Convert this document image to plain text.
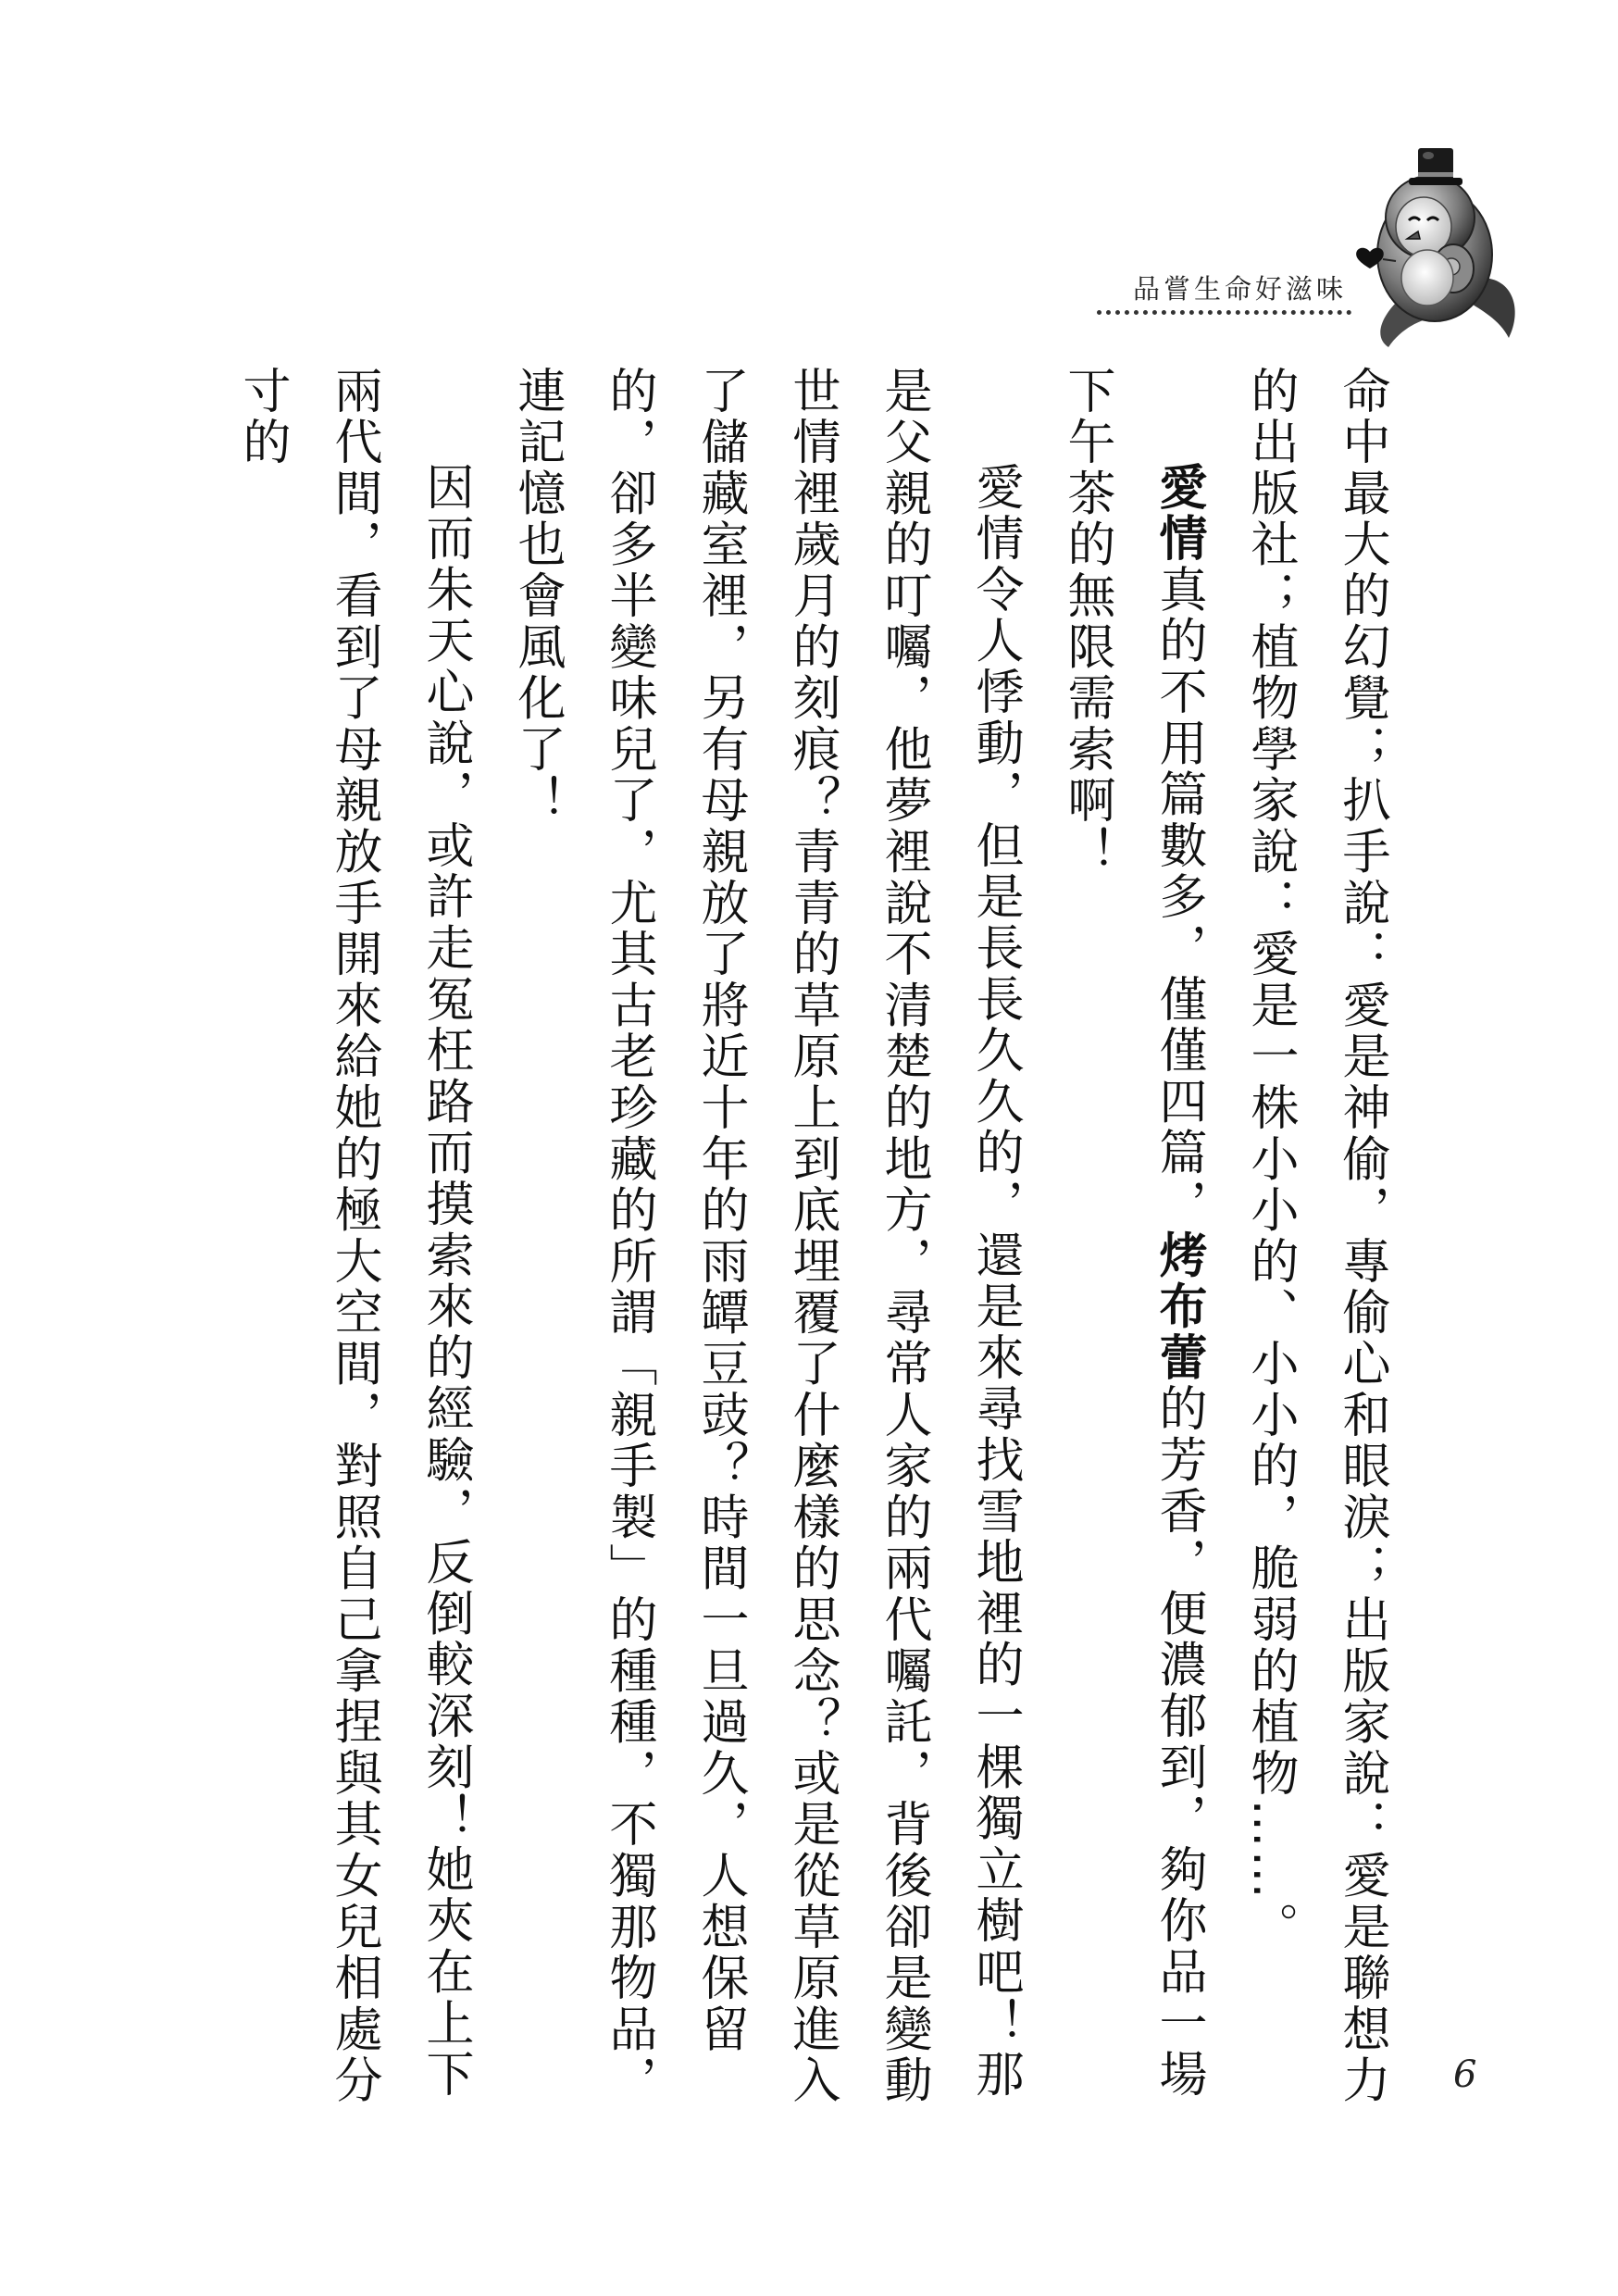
品嘗生命好滋味

命中最大的幻覺；扒手說：愛是神偷，專偷心和眼淚；出版家說：愛是聯想力的出版社；植物學家說：愛是一株小小的、小小的，脆弱的植物……。

愛情真的不用篇數多，僅僅四篇，烤布蕾的芳香，便濃郁到，夠你品一場下午茶的無限需索啊！

愛情令人悸動，但是長長久久的，還是來尋找雪地裡的一棵獨立樹吧！那是父親的叮囑，他夢裡說不清楚的地方，尋常人家的兩代囑託，背後卻是變動世情裡歲月的刻痕？青青的草原上到底埋覆了什麼樣的思念？或是從草原進入了儲藏室裡，另有母親放了將近十年的雨罈豆豉？時間一旦過久，人想保留的，卻多半變味兒了，尤其古老珍藏的所謂「親手製」的種種，不獨那物品，連記憶也會風化了！

因而朱天心說，或許走冤枉路而摸索來的經驗，反倒較深刻！她夾在上下兩代間，看到了母親放手開來給她的極大空間，對照自己拿捏與其女兒相處分寸的

6
